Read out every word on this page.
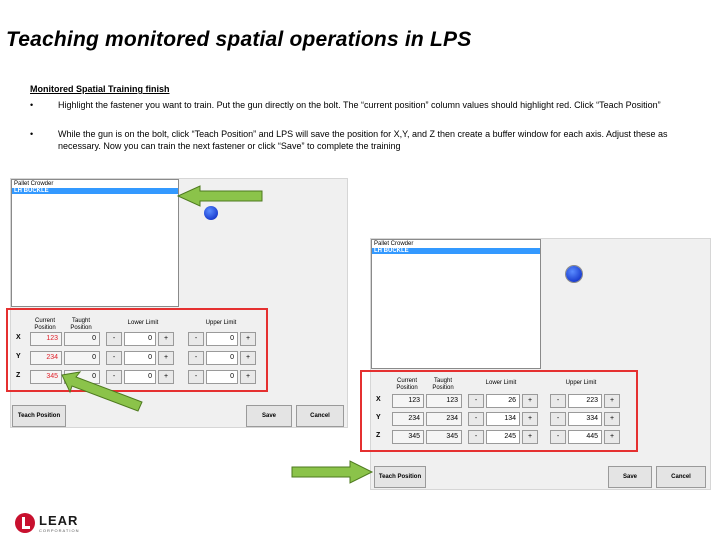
Teaching monitored spatial operations in LPS
Monitored Spatial Training finish
•	Highlight the fastener you want to train. Put the gun directly on the bolt. The “current position” column values should highlight red. Click “Teach Position”
•	While the gun is on the bolt, click “Teach Position” and LPS will save the position for X,Y, and Z then create a buffer window for each axis. Adjust these as necessary. Now you can train the next fastener or click “Save” to complete the training
Pallet Crowder
LH BUCKLE
Current Position
Taught Position
Lower Limit	Upper Limit
X	123	0	-	0	+	-	0	+
Y	234	0	-	0	+	-	0	+
Z	345	0	-	0	+	-	0	+
Teach Position	Save	Cancel
Pallet Crowder
LH BUCKLE
Current Position
Taught Position
Lower Limit	Upper Limit
X	123	123	-	26	+	-	223	+
Y	234	234	-	134	+	-	334	+
Z	345	345	-	245	+	-	445	+
Teach Position	Save	Cancel
LEAR
CORPORATION
